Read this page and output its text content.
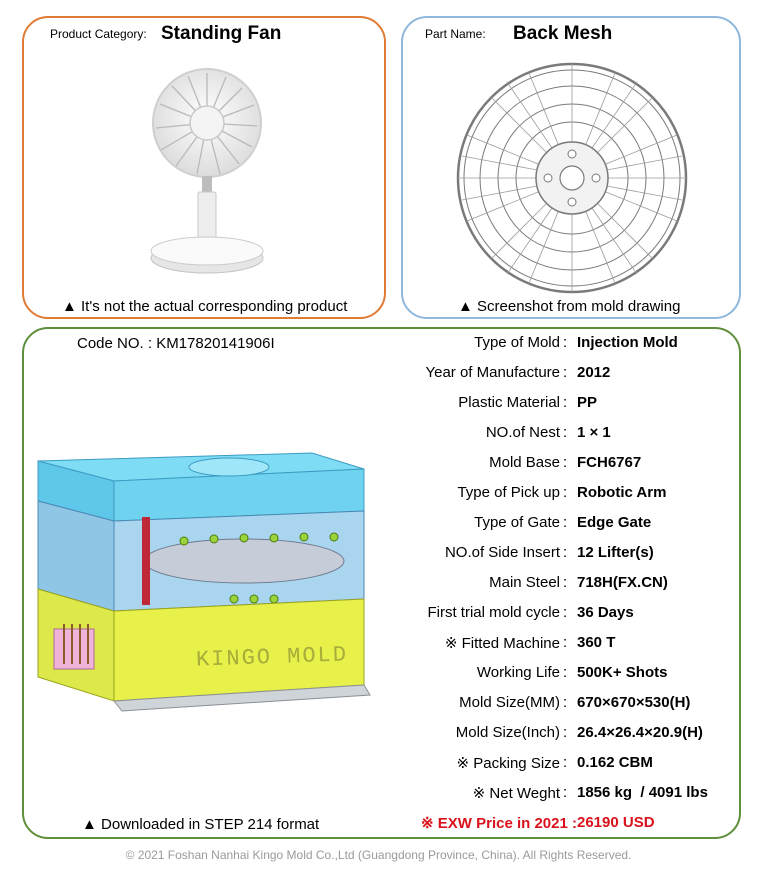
Product Category: Standing Fan
▲ It's not the actual corresponding product
Part Name: Back Mesh
▲ Screenshot from mold drawing
Code NO. : KM17820141906I
KINGO MOLD
▲ Downloaded in STEP 214 format
Type of Mold : Injection Mold
Year of Manufacture : 2012
Plastic Material : PP
NO.of Nest : 1 × 1
Mold Base : FCH6767
Type of Pick up : Robotic Arm
Type of Gate : Edge Gate
NO.of Side Insert : 12 Lifter(s)
Main Steel : 718H(FX.CN)
First trial mold cycle : 36 Days
※ Fitted Machine : 360 T
Working Life : 500K+ Shots
Mold Size(MM) : 670×670×530(H)
Mold Size(Inch) : 26.4×26.4×20.9(H)
※ Packing Size : 0.162 CBM
※ Net Weght : 1856 kg  / 4091 lbs
※ EXW Price in 2021 : 26190 USD
© 2021 Foshan Nanhai Kingo Mold Co.,Ltd (Guangdong Province, China). All Rights Reserved.
